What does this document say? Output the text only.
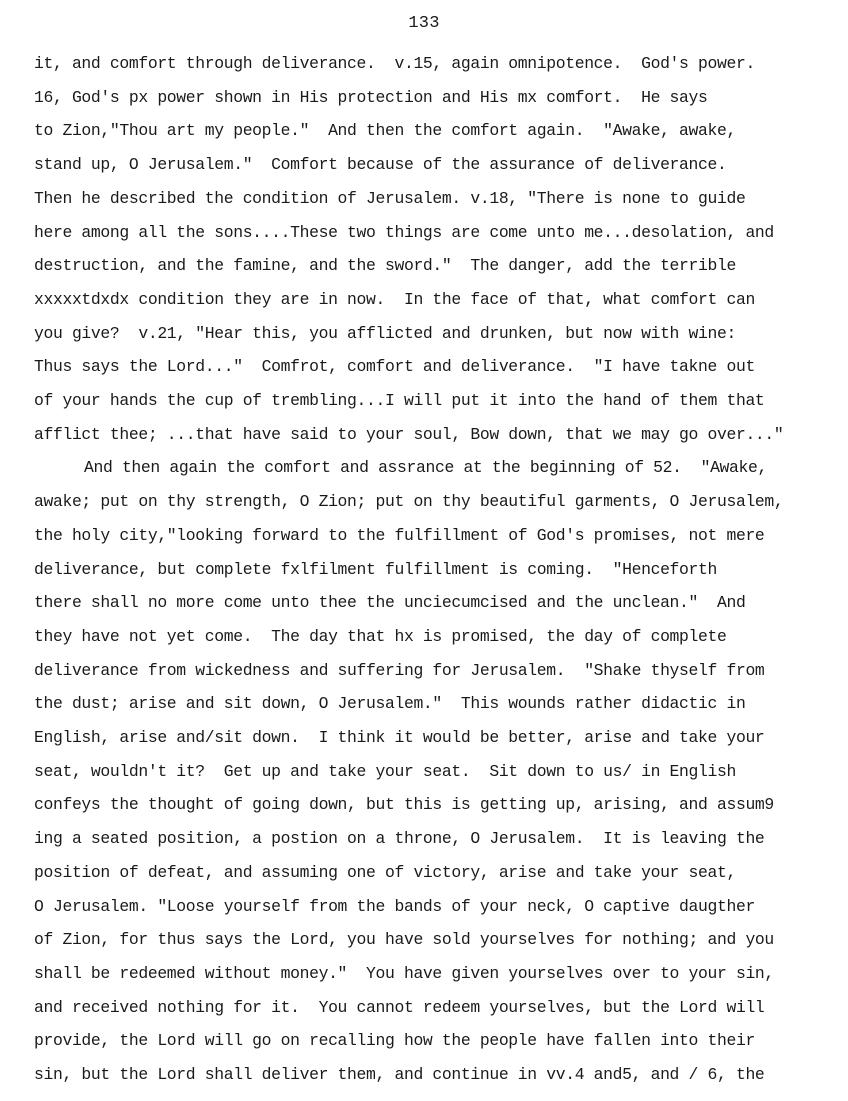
133
it, and comfort through deliverance.  v.15, again omnipotence.  God's power.
16, God's px power shown in His protection and His mx comfort.  He says
to Zion,"Thou art my people."  And then the comfort again.  "Awake, awake,
stand up, O Jerusalem."  Comfort because of the assurance of deliverance.
Then he described the condition of Jerusalem. v.18, "There is none to guide
here among all the sons....These two things are come unto me...desolation, and
destruction, and the famine, and the sword."  The danger, add the terrible
xxxxxtdxdx condition they are in now.  In the face of that, what comfort can
you give?  v.21, "Hear this, you afflicted and drunken, but now with wine:
Thus says the Lord..."  Comfrot, comfort and deliverance.  "I have takne out
of your hands the cup of trembling...I will put it into the hand of them that
afflict thee; ...that have said to your soul, Bow down, that we may go over..."
And then again the comfort and assrance at the beginning of 52.  "Awake,
awake; put on thy strength, O Zion; put on thy beautiful garments, O Jerusalem,
the holy city,"looking forward to the fulfillment of God's promises, not mere
deliverance, but complete fxlfilment fulfillment is coming.  "Henceforth
there shall no more come unto thee the unciecumcised and the unclean."  And
they have not yet come.  The day that hx is promised, the day of complete
deliverance from wickedness and suffering for Jerusalem.  "Shake thyself from
the dust; arise and sit down, O Jerusalem."  This wounds rather didactic in
English, arise and/sit down.  I think it would be better, arise and take your
seat, wouldn't it?  Get up and take your seat.  Sit down to us/ in English
confeys the thought of going down, but this is getting up, arising, and assum9
ing a seated position, a postion on a throne, O Jerusalem.  It is leaving the
position of defeat, and assuming one of victory, arise and take your seat,
O Jerusalem. "Loose yourself from the bands of your neck, O captive daugther
of Zion, for thus says the Lord, you have sold yourselves for nothing; and you
shall be redeemed without money."  You have given yourselves over to your sin,
and received nothing for it.  You cannot redeem yourselves, but the Lord will
provide, the Lord will go on recalling how the people have fallen into their
sin, but the Lord shall deliver them, and continue in vv.4 and5, and / 6, the
